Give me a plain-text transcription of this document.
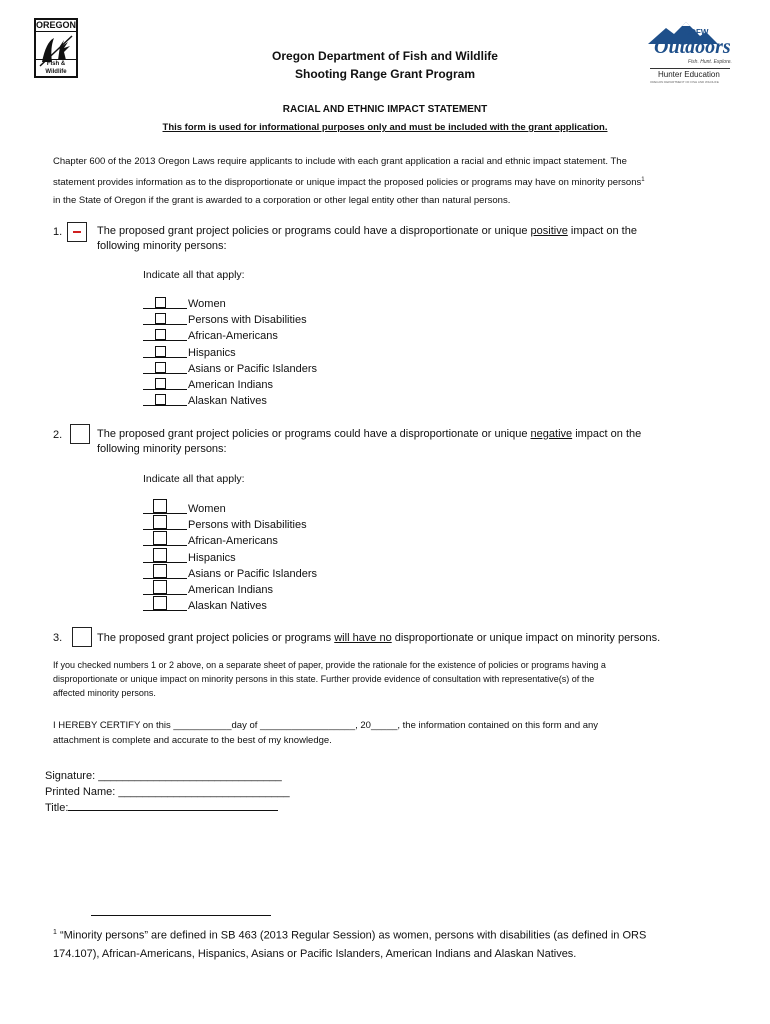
OREGON
Fish & Wildlife
ODFW
Outdoors
Fish. Hunt. Explore.
Hunter Education
OREGON DEPARTMENT OF FISH AND WILDLIFE
Oregon Department of Fish and Wildlife
Shooting Range Grant Program
RACIAL AND ETHNIC IMPACT STATEMENT
This form is used for informational purposes only and must be included with the grant application.
Chapter 600 of the 2013 Oregon Laws require applicants to include with each grant application a racial and ethnic impact statement. The
statement provides information as to the disproportionate or unique impact the proposed policies or programs may have on minority persons$^1$
in the State of Oregon if the grant is awarded to a corporation or other legal entity other than natural persons.
1.	The proposed grant project policies or programs could have a disproportionate or unique positive impact on the
following minority persons:
Indicate all that apply:
Women
Persons with Disabilities
African-Americans
Hispanics
Asians or Pacific Islanders
American Indians
Alaskan Natives
2.	The proposed grant project policies or programs could have a disproportionate or unique negative impact on the
following minority persons:
Indicate all that apply:
Women
Persons with Disabilities
African-Americans
Hispanics
Asians or Pacific Islanders
American Indians
Alaskan Natives
3.	The proposed grant project policies or programs will have no disproportionate or unique impact on minority persons.
If you checked numbers 1 or 2 above, on a separate sheet of paper, provide the rationale for the existence of policies or programs having a
disproportionate or unique impact on minority persons in this state. Further provide evidence of consultation with representative(s) of the
affected minority persons.
I HEREBY CERTIFY on this ___________day of __________________, 20_____, the information contained on this form and any
attachment is complete and accurate to the best of my knowledge.
Signature: ______________________________
Printed Name: ____________________________
Title:
$^1$ “Minority persons” are defined in SB 463 (2013 Regular Session) as women, persons with disabilities (as defined in ORS
174.107), African-Americans, Hispanics, Asians or Pacific Islanders, American Indians and Alaskan Natives.
